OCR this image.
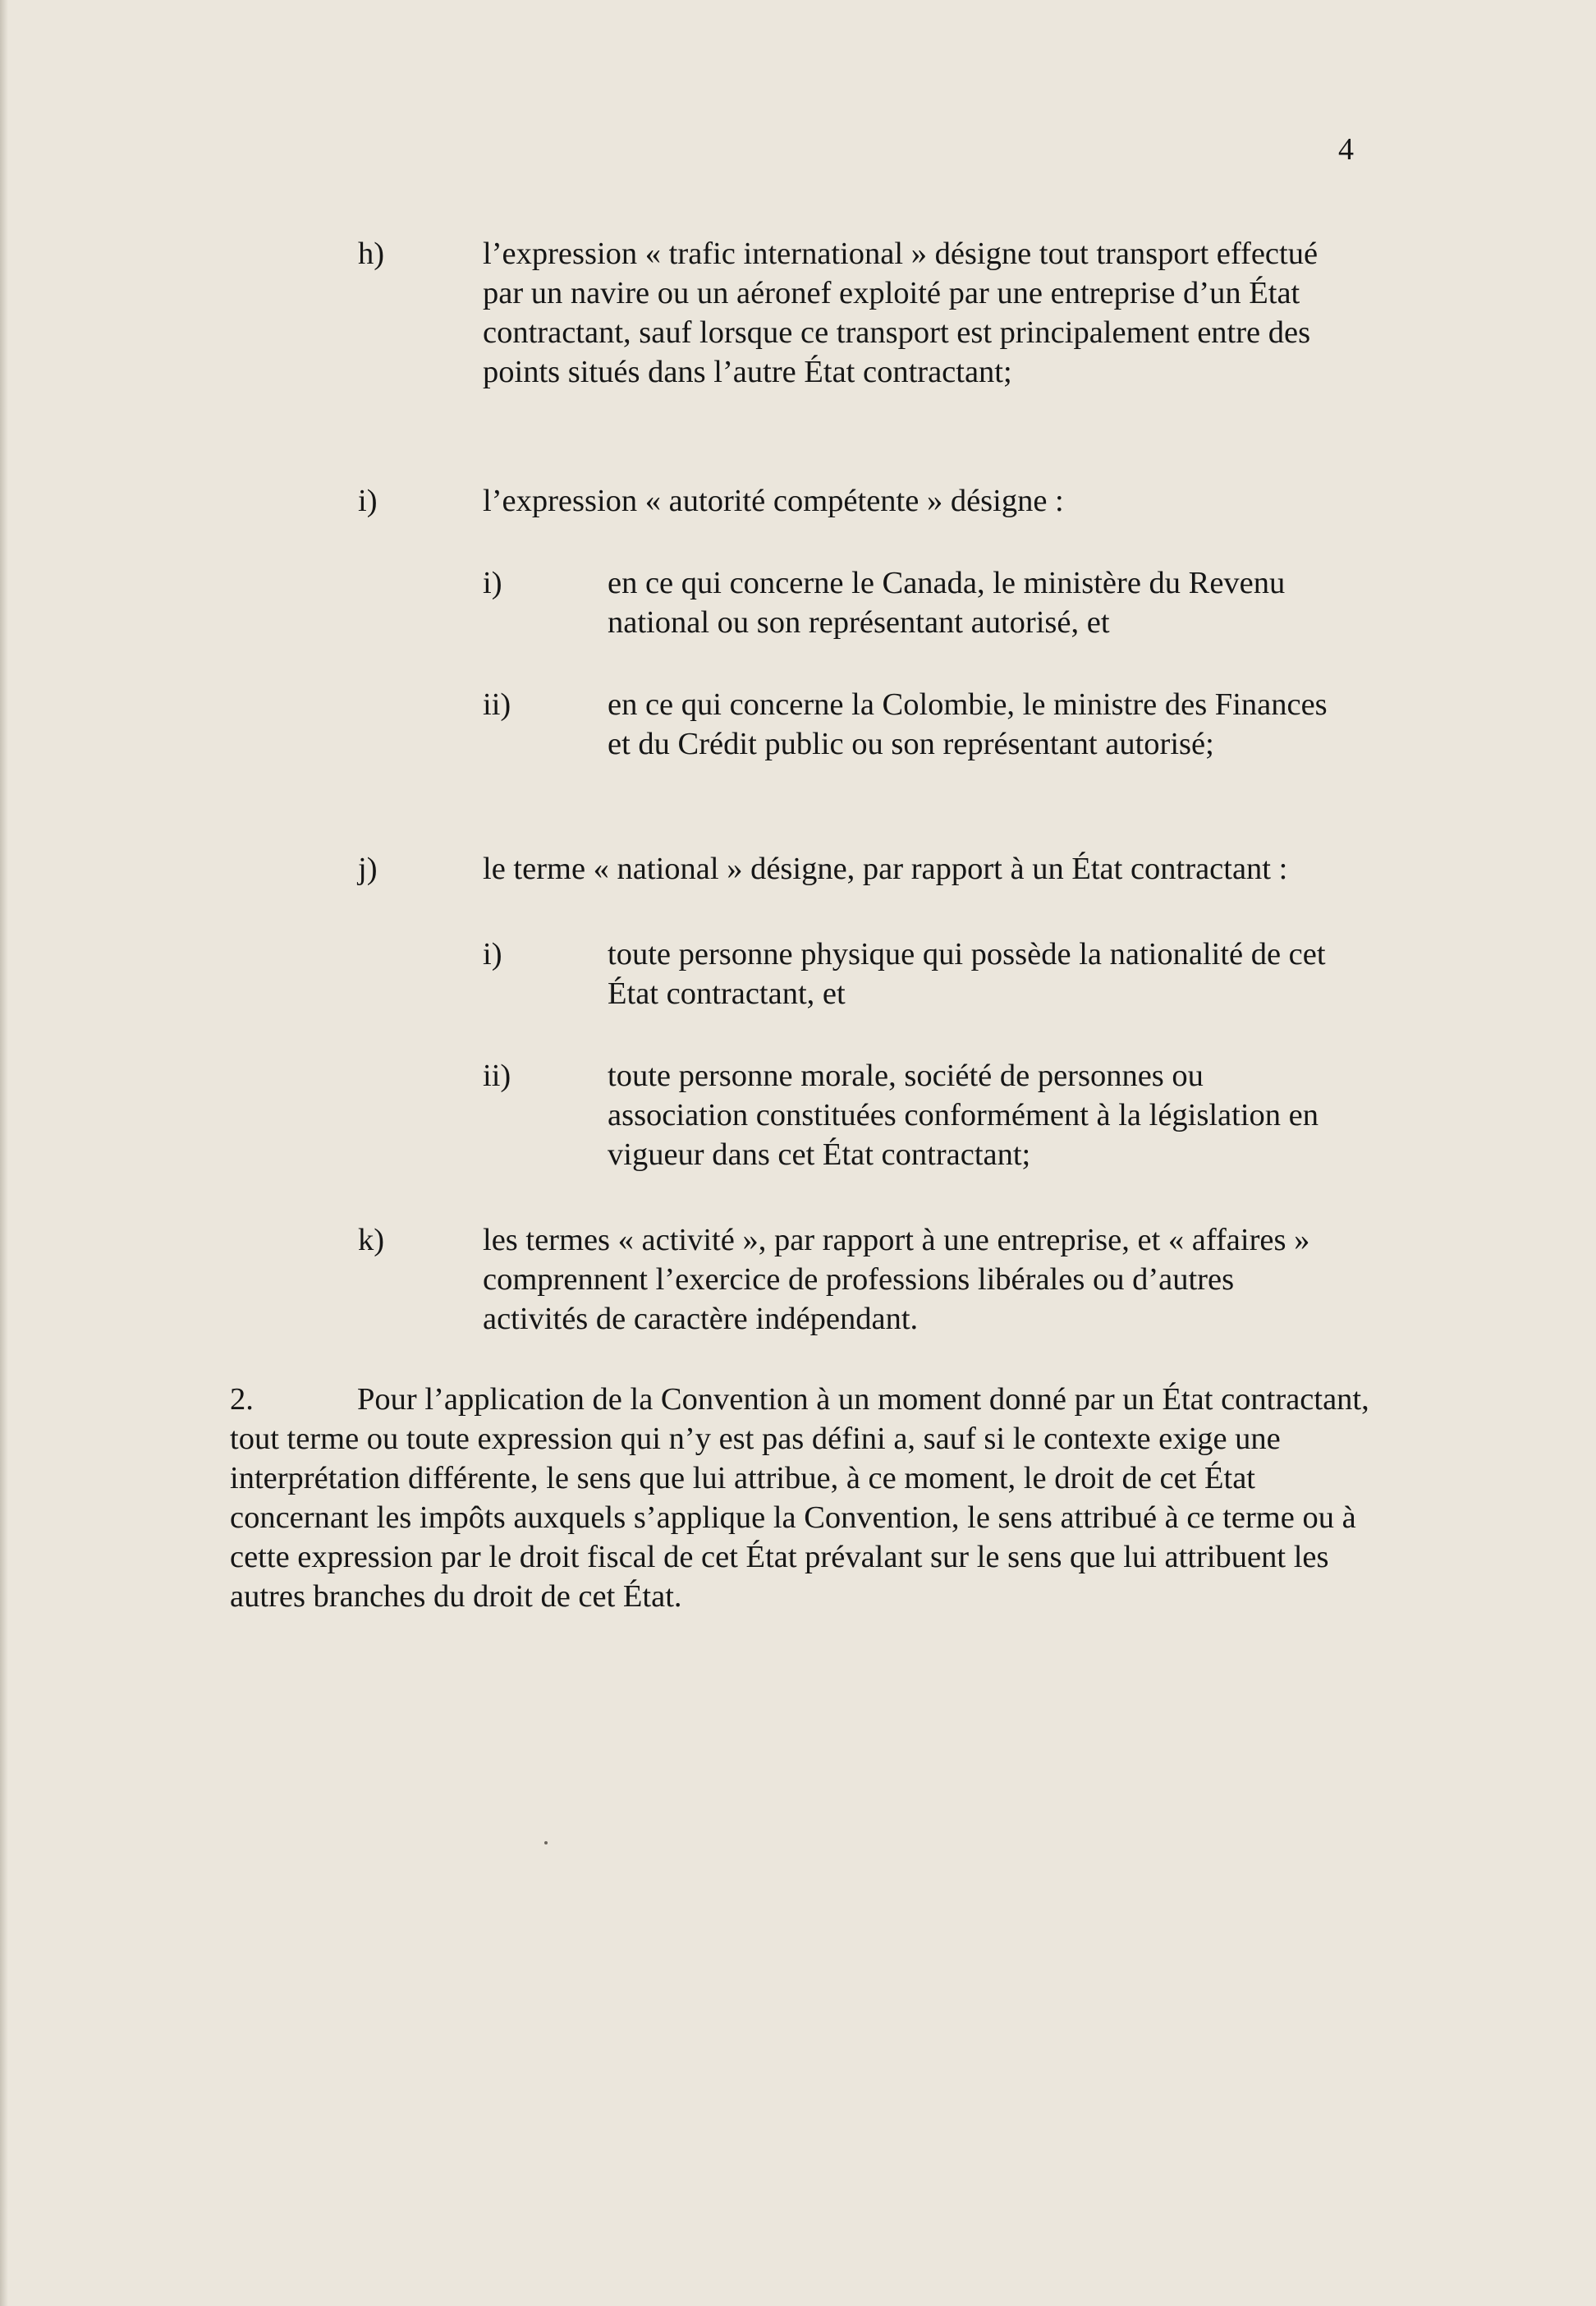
4
h)	l’expression « trafic international » désigne tout transport effectué par un navire ou un aéronef exploité par une entreprise d’un État contractant, sauf lorsque ce transport est principalement entre des points situés dans l’autre État contractant;
i)	l’expression « autorité compétente » désigne :
i)	en ce qui concerne le Canada, le ministère du Revenu national ou son représentant autorisé, et
ii)	en ce qui concerne la Colombie, le ministre des Finances et du Crédit public ou son représentant autorisé;
j)	le terme « national » désigne, par rapport à un État contractant :
i)	toute personne physique qui possède la nationalité de cet État contractant, et
ii)	toute personne morale, société de personnes ou association constituées conformément à la législation en vigueur dans cet État contractant;
k)	les termes « activité », par rapport à une entreprise, et « affaires » comprennent l’exercice de professions libérales ou d’autres activités de caractère indépendant.
2.	Pour l’application de la Convention à un moment donné par un État contractant, tout terme ou toute expression qui n’y est pas défini a, sauf si le contexte exige une interprétation différente, le sens que lui attribue, à ce moment, le droit de cet État concernant les impôts auxquels s’applique la Convention, le sens attribué à ce terme ou à cette expression par le droit fiscal de cet État prévalant sur le sens que lui attribuent les autres branches du droit de cet État.
